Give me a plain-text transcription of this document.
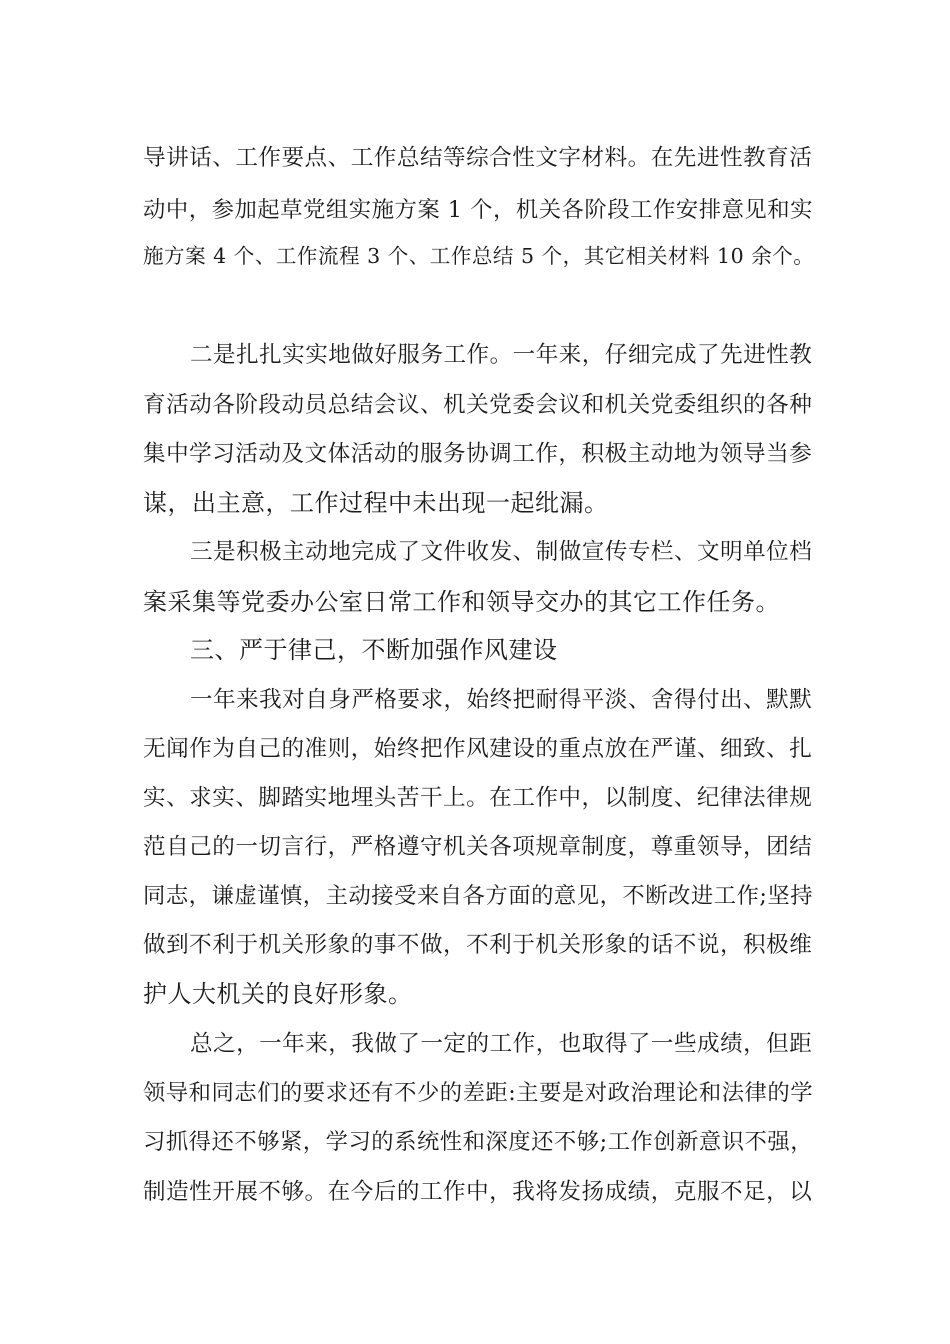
导讲话、工作要点、工作总结等综合性文字材料。在先进性教育活

动中，参加起草党组实施方案 1 个，机关各阶段工作安排意见和实

施方案 4 个、工作流程 3 个、工作总结 5 个，其它相关材料 10 余个。

二是扎扎实实地做好服务工作。一年来，仔细完成了先进性教

育活动各阶段动员总结会议、机关党委会议和机关党委组织的各种

集中学习活动及文体活动的服务协调工作，积极主动地为领导当参

谋，出主意，工作过程中未出现一起纰漏。

三是积极主动地完成了文件收发、制做宣传专栏、文明单位档

案采集等党委办公室日常工作和领导交办的其它工作任务。

三、严于律己，不断加强作风建设

一年来我对自身严格要求，始终把耐得平淡、舍得付出、默默

无闻作为自己的准则，始终把作风建设的重点放在严谨、细致、扎

实、求实、脚踏实地埋头苦干上。在工作中，以制度、纪律法律规

范自己的一切言行，严格遵守机关各项规章制度，尊重领导，团结

同志，谦虚谨慎，主动接受来自各方面的意见，不断改进工作;坚持

做到不利于机关形象的事不做，不利于机关形象的话不说，积极维

护人大机关的良好形象。

总之，一年来，我做了一定的工作，也取得了一些成绩，但距

领导和同志们的要求还有不少的差距:主要是对政治理论和法律的学

习抓得还不够紧，学习的系统性和深度还不够;工作创新意识不强，

制造性开展不够。在今后的工作中，我将发扬成绩，克服不足，以
